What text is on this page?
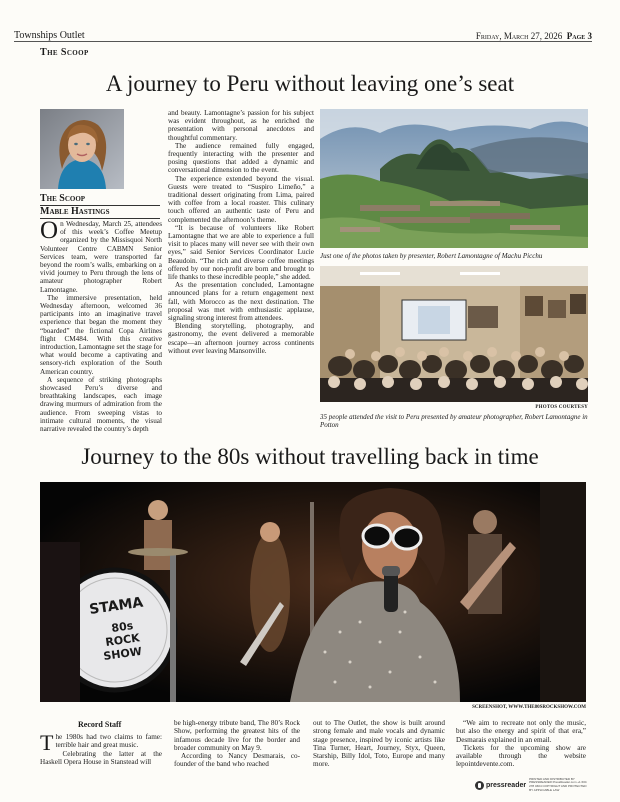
Townships Outlet	Friday, March 27, 2026 Page 3
The Scoop
A journey to Peru without leaving one’s seat
The Scoop
Mable Hastings

On Wednesday, March 25, attendees of this week’s Coffee Meetup organized by the Missisquoi North Volunteer Centre CABMN Senior Services team, were transported far beyond the room’s walls, embarking on a vivid journey to Peru through the lens of amateur photographer Robert Lamontagne.

The immersive presentation, held Wednesday afternoon, welcomed 36 participants into an imaginative travel experience that began the moment they “boarded” the fictional Copa Airlines flight CM484. With this creative introduction, Lamontagne set the stage for what would become a captivating and sensory-rich exploration of the South American country.

A sequence of striking photographs showcased Peru’s diverse and breathtaking landscapes, each image drawing murmurs of admiration from the audience. From sweeping vistas to intimate cultural moments, the visual narrative revealed the country’s depth

and beauty. Lamontagne’s passion for his subject was evident throughout, as he enriched the presentation with personal anecdotes and thoughtful commentary.

The audience remained fully engaged, frequently interacting with the presenter and posing questions that added a dynamic and conversational dimension to the event.

The experience extended beyond the visual. Guests were treated to “Suspiro Limeño,” a traditional dessert originating from Lima, paired with coffee from a local roaster. This culinary touch offered an authentic taste of Peru and complemented the afternoon’s theme.

“It is because of volunteers like Robert Lamontagne that we are able to experience a full visit to places many will never see with their own eyes,” said Senior Services Coordinator Lucie Beaudoin. “The rich and diverse coffee meetings offered by our non-profit are born and brought to life thanks to these incredible people,” she added.

As the presentation concluded, Lamontagne announced plans for a return engagement next fall, with Morocco as the next destination. The proposal was met with enthusiastic applause, signaling strong interest from attendees.

Blending storytelling, photography, and gastronomy, the event delivered a memorable escape—an afternoon journey across continents without ever leaving Mansonville.

Just one of the photos taken by presenter, Robert Lamontagne of Machu Picchu
PHOTOS COURTESY
35 people attended the visit to Peru presented by amateur photographer, Robert Lamontagne in Potton
Journey to the 80s without travelling back in time
STAMA
80s
ROCK
SHOW
SCREENSHOT, WWW.THE80SROCKSHOW.COM
Record Staff

The 1980s had two claims to fame: terrible hair and great music.

Celebrating the latter at the Haskell Opera House in Stanstead will

be high-energy tribute band, The 80’s Rock Show, performing the greatest hits of the infamous decade live for the border and broader community on May 9.

According to Nancy Desmarais, co-founder of the band who reached

out to The Outlet, the show is built around strong female and male vocals and dynamic stage presence, inspired by iconic artists like Tina Turner, Heart, Journey, Styx, Queen, Starship, Billy Idol, Toto, Europe and many more.

“We aim to recreate not only the music, but also the energy and spirit of that era,” Desmarais explained in an email.

Tickets for the upcoming show are available through the website lepointdevente.com.

pressreader
PRINTED AND DISTRIBUTED BY PRESSREADER PressReader.com +1 604 278 4604 COPYRIGHT AND PROTECTED BY APPLICABLE LAW
